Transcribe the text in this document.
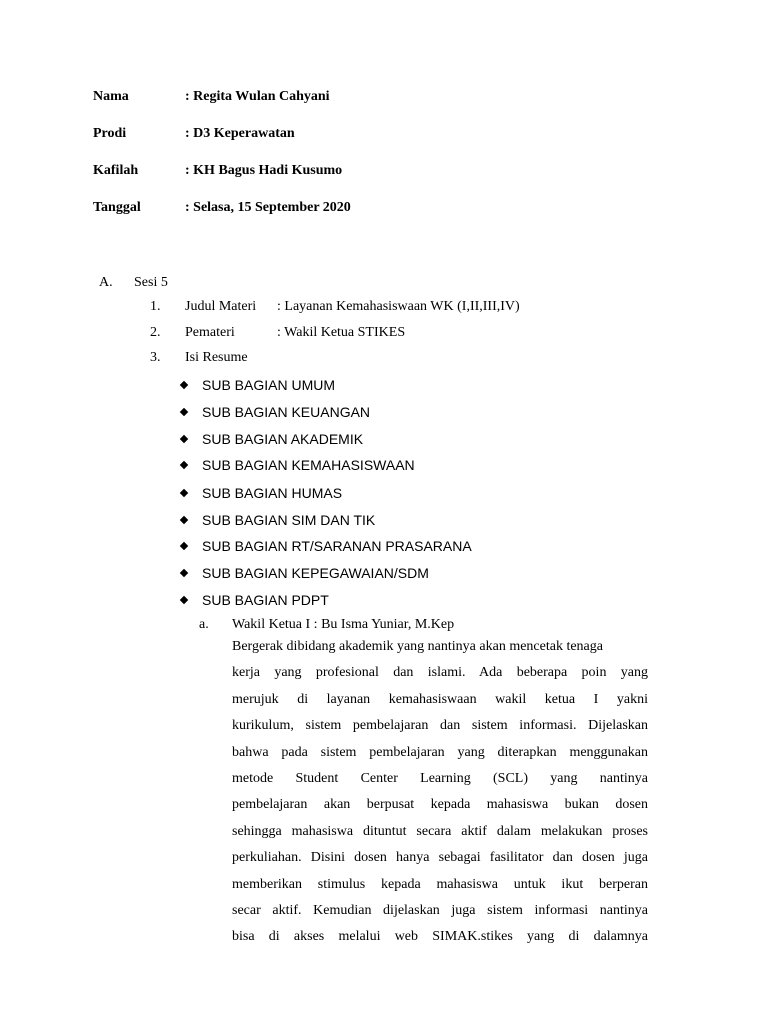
Nama	: Regita Wulan Cahyani
Prodi	: D3 Keperawatan
Kafilah	: KH Bagus Hadi Kusumo
Tanggal	: Selasa, 15 September 2020
A. Sesi 5
1. Judul Materi : Layanan Kemahasiswaan WK (I,II,III,IV)
2. Pemateri	: Wakil Ketua STIKES
3. Isi Resume
SUB BAGIAN UMUM
SUB BAGIAN KEUANGAN
SUB BAGIAN AKADEMIK
SUB BAGIAN KEMAHASISWAAN
SUB BAGIAN HUMAS
SUB BAGIAN SIM DAN TIK
SUB BAGIAN RT/SARANAN PRASARANA
SUB BAGIAN KEPEGAWAIAN/SDM
SUB BAGIAN PDPT
a. Wakil Ketua I : Bu Isma Yuniar, M.Kep
Bergerak dibidang akademik yang nantinya akan mencetak tenaga
kerja yang profesional dan islami. Ada beberapa poin yang
merujuk di layanan kemahasiswaan wakil ketua I yakni
kurikulum, sistem pembelajaran dan sistem informasi. Dijelaskan
bahwa pada sistem pembelajaran yang diterapkan menggunakan
metode Student Center Learning (SCL) yang nantinya
pembelajaran akan berpusat kepada mahasiswa bukan dosen
sehingga mahasiswa dituntut secara aktif dalam melakukan proses
perkuliahan. Disini dosen hanya sebagai fasilitator dan dosen juga
memberikan stimulus kepada mahasiswa untuk ikut berperan
secar aktif. Kemudian dijelaskan juga sistem informasi nantinya
bisa di akses melalui web SIMAK.stikes yang di dalamnya
